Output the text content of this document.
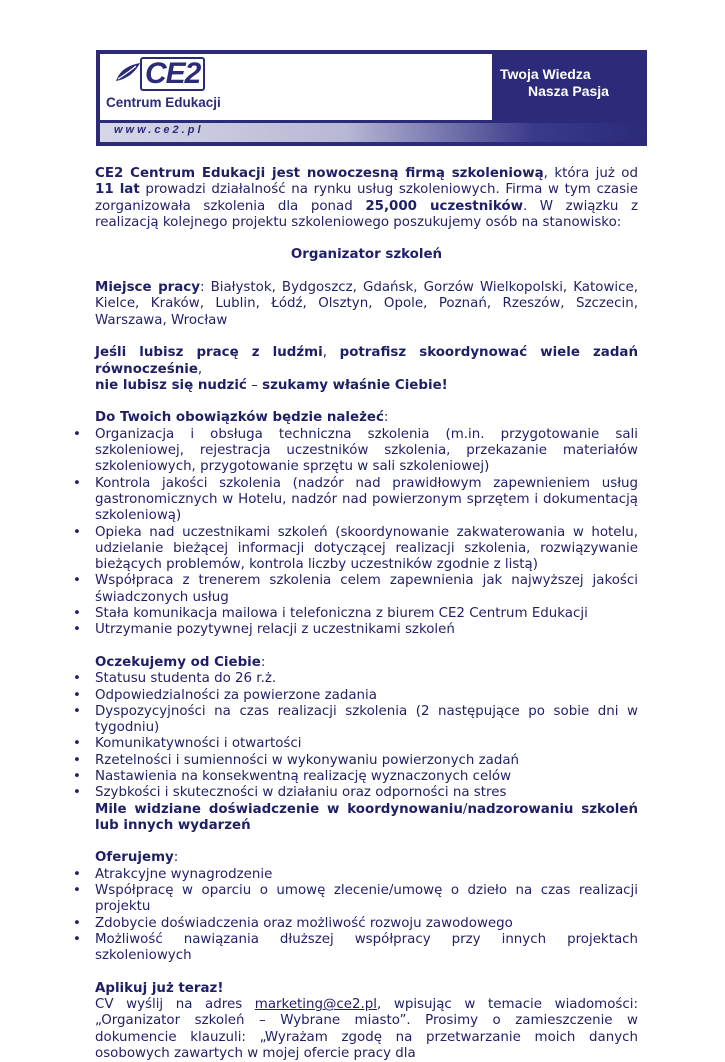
CE2
Centrum Edukacji
Twoja Wiedza
Nasza Pasja
www.ce2.pl

CE2 Centrum Edukacji jest nowoczesną firmą szkoleniową, która już od 11 lat prowadzi działalność na rynku usług szkoleniowych. Firma w tym czasie zorganizowała szkolenia dla ponad 25,000 uczestników. W związku z realizacją kolejnego projektu szkoleniowego poszukujemy osób na stanowisko:

Organizator szkoleń

Miejsce pracy: Białystok, Bydgoszcz, Gdańsk, Gorzów Wielkopolski, Katowice, Kielce, Kraków, Lublin, Łódź, Olsztyn, Opole, Poznań, Rzeszów, Szczecin, Warszawa, Wrocław

Jeśli lubisz pracę z ludźmi, potrafisz skoordynować wiele zadań równocześnie,
nie lubisz się nudzić – szukamy właśnie Ciebie!

Do Twoich obowiązków będzie należeć:

• Organizacja i obsługa techniczna szkolenia (m.in. przygotowanie sali szkoleniowej, rejestracja uczestników szkolenia, przekazanie materiałów szkoleniowych, przygotowanie sprzętu w sali szkoleniowej)
• Kontrola jakości szkolenia (nadzór nad prawidłowym zapewnieniem usług gastronomicznych w Hotelu, nadzór nad powierzonym sprzętem i dokumentacją szkoleniową)
• Opieka nad uczestnikami szkoleń (skoordynowanie zakwaterowania w hotelu, udzielanie bieżącej informacji dotyczącej realizacji szkolenia, rozwiązywanie bieżących problemów, kontrola liczby uczestników zgodnie z listą)
• Współpraca z trenerem szkolenia celem zapewnienia jak najwyższej jakości świadczonych usług
• Stała komunikacja mailowa i telefoniczna z biurem CE2 Centrum Edukacji
• Utrzymanie pozytywnej relacji z uczestnikami szkoleń

Oczekujemy od Ciebie:

• Statusu studenta do 26 r.ż.
• Odpowiedzialności za powierzone zadania
• Dyspozycyjności na czas realizacji szkolenia (2 następujące po sobie dni w tygodniu)
• Komunikatywności i otwartości
• Rzetelności i sumienności w wykonywaniu powierzonych zadań
• Nastawienia na konsekwentną realizację wyznaczonych celów
• Szybkości i skuteczności w działaniu oraz odporności na stres

Mile widziane doświadczenie w koordynowaniu/nadzorowaniu szkoleń lub innych wydarzeń

Oferujemy:

• Atrakcyjne wynagrodzenie
• Współpracę w oparciu o umowę zlecenie/umowę o dzieło na czas realizacji projektu
• Zdobycie doświadczenia oraz możliwość rozwoju zawodowego
• Możliwość nawiązania dłuższej współpracy przy innych projektach szkoleniowych

Aplikuj już teraz!

CV wyślij na adres marketing@ce2.pl, wpisując w temacie wiadomości: „Organizator szkoleń – Wybrane miasto”. Prosimy o zamieszczenie w dokumencie klauzuli: „Wyrażam zgodę na przetwarzanie moich danych osobowych zawartych w mojej ofercie pracy dla
